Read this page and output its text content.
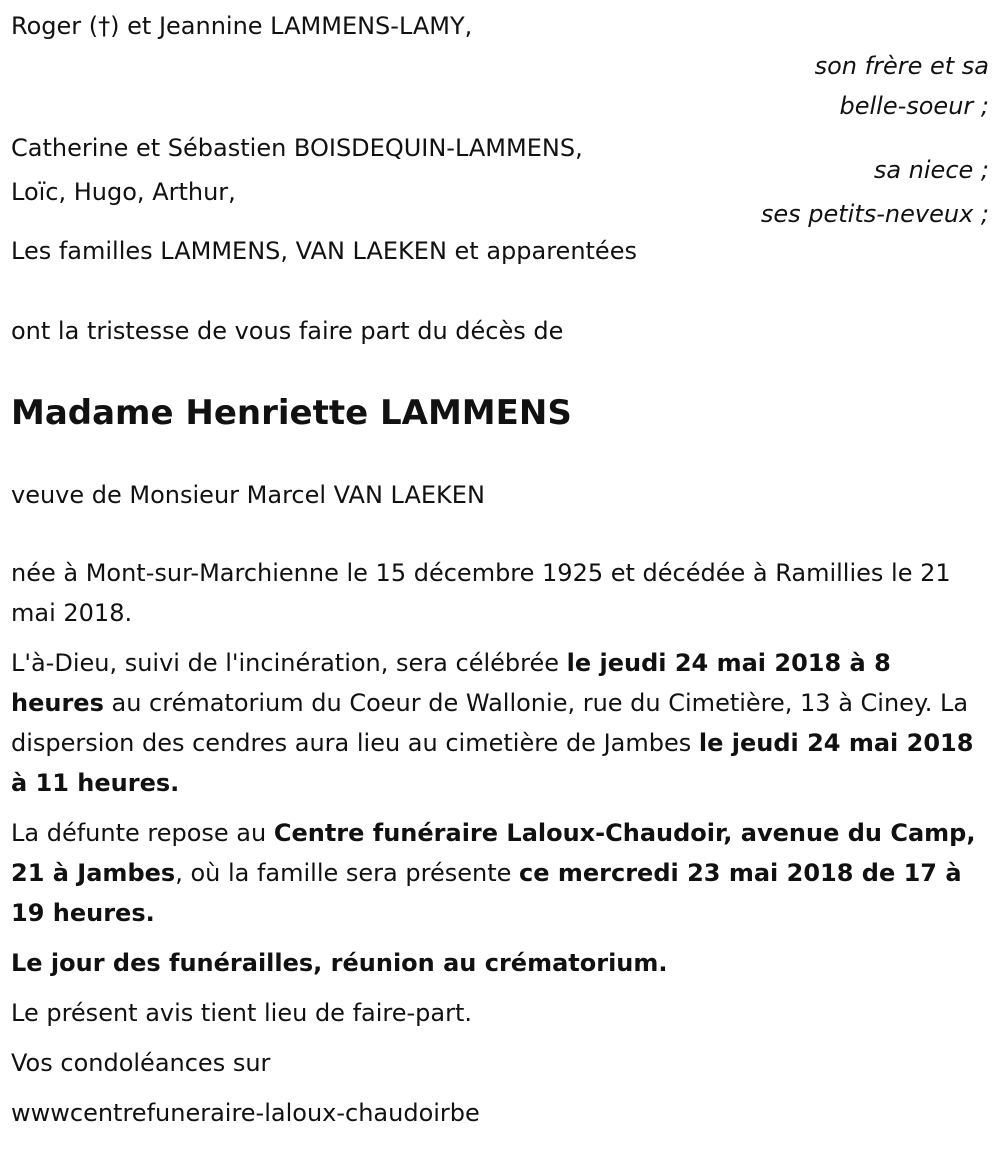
Roger (†) et Jeannine LAMMENS-LAMY,
son frère et sa
belle-soeur ;
Catherine et Sébastien BOISDEQUIN-LAMMENS,
sa niece ;
Loïc, Hugo, Arthur,
ses petits-neveux ;
Les familles LAMMENS, VAN LAEKEN et apparentées
ont la tristesse de vous faire part du décès de
Madame Henriette LAMMENS
veuve de Monsieur Marcel VAN LAEKEN
née à Mont-sur-Marchienne le 15 décembre 1925 et décédée à Ramillies le 21 mai 2018.
L'à-Dieu, suivi de l'incinération, sera célébrée le jeudi 24 mai 2018 à 8 heures au crématorium du Coeur de Wallonie, rue du Cimetière, 13 à Ciney. La dispersion des cendres aura lieu au cimetière de Jambes le jeudi 24 mai 2018 à 11 heures.
La défunte repose au Centre funéraire Laloux-Chaudoir, avenue du Camp, 21 à Jambes, où la famille sera présente ce mercredi 23 mai 2018 de 17 à 19 heures.
Le jour des funérailles, réunion au crématorium.
Le présent avis tient lieu de faire-part.
Vos condoléances sur
wwwcentrefuneraire-laloux-chaudoirbe
